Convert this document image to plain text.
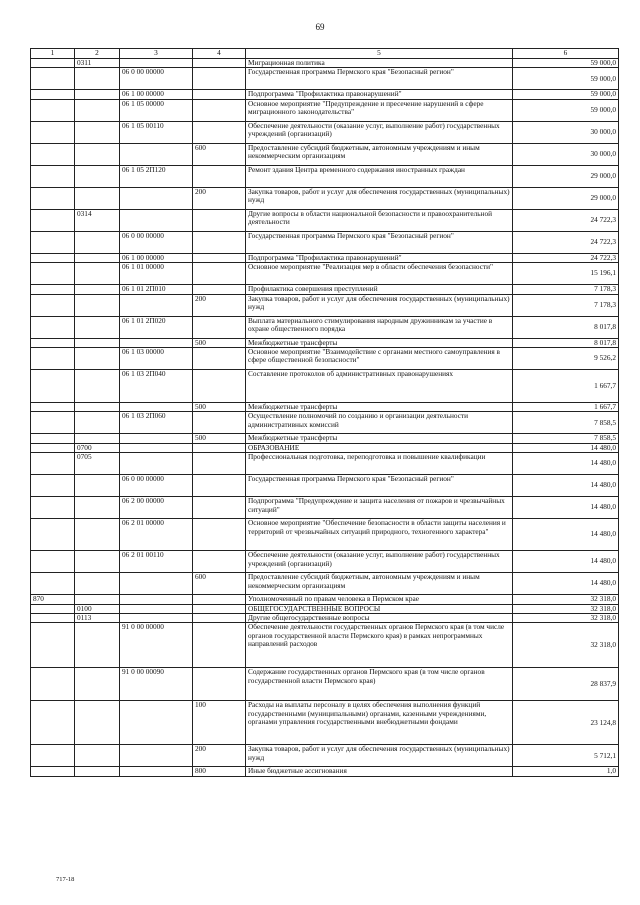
69
1	2	3	4	5	6
	0311			Миграционная политика	59 000,0
		06 0 00 00000		Государственная программа Пермского края "Безопасный регион"	59 000,0
		06 1 00 00000		Подпрограмма "Профилактика правонарушений"	59 000,0
		06 1 05 00000		Основное мероприятие "Предупреждение и пресечение нарушений в сфере миграционного законодательства"	59 000,0
		06 1 05 00110		Обеспечение деятельности (оказание услуг, выполнение работ) государственных учреждений (организаций)	30 000,0
			600	Предоставление субсидий бюджетным, автономным учреждениям и иным некоммерческим организациям	30 000,0
		06 1 05 2П120		Ремонт здания Центра временного содержания иностранных граждан	29 000,0
			200	Закупка товаров, работ и услуг для обеспечения государственных (муниципальных) нужд	29 000,0
	0314			Другие вопросы в области национальной безопасности и правоохранительной деятельности	24 722,3
		06 0 00 00000		Государственная программа Пермского края "Безопасный регион"	24 722,3
		06 1 00 00000		Подпрограмма "Профилактика правонарушений"	24 722,3
		06 1 01 00000		Основное мероприятие "Реализация мер в области обеспечения безопасности"	15 196,1
		06 1 01 2П010		Профилактика совершения преступлений	7 178,3
			200	Закупка товаров, работ и услуг для обеспечения государственных (муниципальных) нужд	7 178,3
		06 1 01 2П020		Выплата материального стимулирования народным дружинникам за участие в охране общественного порядка	8 017,8
			500	Межбюджетные трансферты	8 017,8
		06 1 03 00000		Основное мероприятие "Взаимодействие с органами местного самоуправления в сфере общественной безопасности"	9 526,2
		06 1 03 2П040		Составление протоколов об административных правонарушениях	1 667,7
			500	Межбюджетные трансферты	1 667,7
		06 1 03 2П060		Осуществление полномочий по созданию и организации деятельности административных комиссий	7 858,5
			500	Межбюджетные трансферты	7 858,5
	0700			ОБРАЗОВАНИЕ	14 480,0
	0705			Профессиональная подготовка, переподготовка и повышение квалификации	14 480,0
		06 0 00 00000		Государственная программа Пермского края "Безопасный регион"	14 480,0
		06 2 00 00000		Подпрограмма "Предупреждение и защита населения от пожаров и чрезвычайных ситуаций"	14 480,0
		06 2 01 00000		Основное мероприятие "Обеспечение безопасности в области защиты населения и территорий от чрезвычайных ситуаций природного, техногенного характера"	14 480,0
		06 2 01 00110		Обеспечение деятельности (оказание услуг, выполнение работ) государственных учреждений (организаций)	14 480,0
			600	Предоставление субсидий бюджетным, автономным учреждениям и иным некоммерческим организациям	14 480,0
870				Уполномоченный по правам человека в Пермском крае	32 318,0
	0100			ОБЩЕГОСУДАРСТВЕННЫЕ ВОПРОСЫ	32 318,0
	0113			Другие общегосударственные вопросы	32 318,0
		91 0 00 00000		Обеспечение деятельности государственных органов Пермского края (в том числе органов государственной власти Пермского края) в рамках непрограммных направлений расходов	32 318,0
		91 0 00 00090		Содержание государственных органов Пермского края (в том числе органов государственной власти Пермского края)	28 837,9
			100	Расходы на выплаты персоналу в целях обеспечения выполнения функций государственными (муниципальными) органами, казенными учреждениями, органами управления государственными внебюджетными фондами	23 124,8
			200	Закупка товаров, работ и услуг для обеспечения государственных (муниципальных) нужд	5 712,1
			800	Иные бюджетные ассигнования	1,0
717-18
